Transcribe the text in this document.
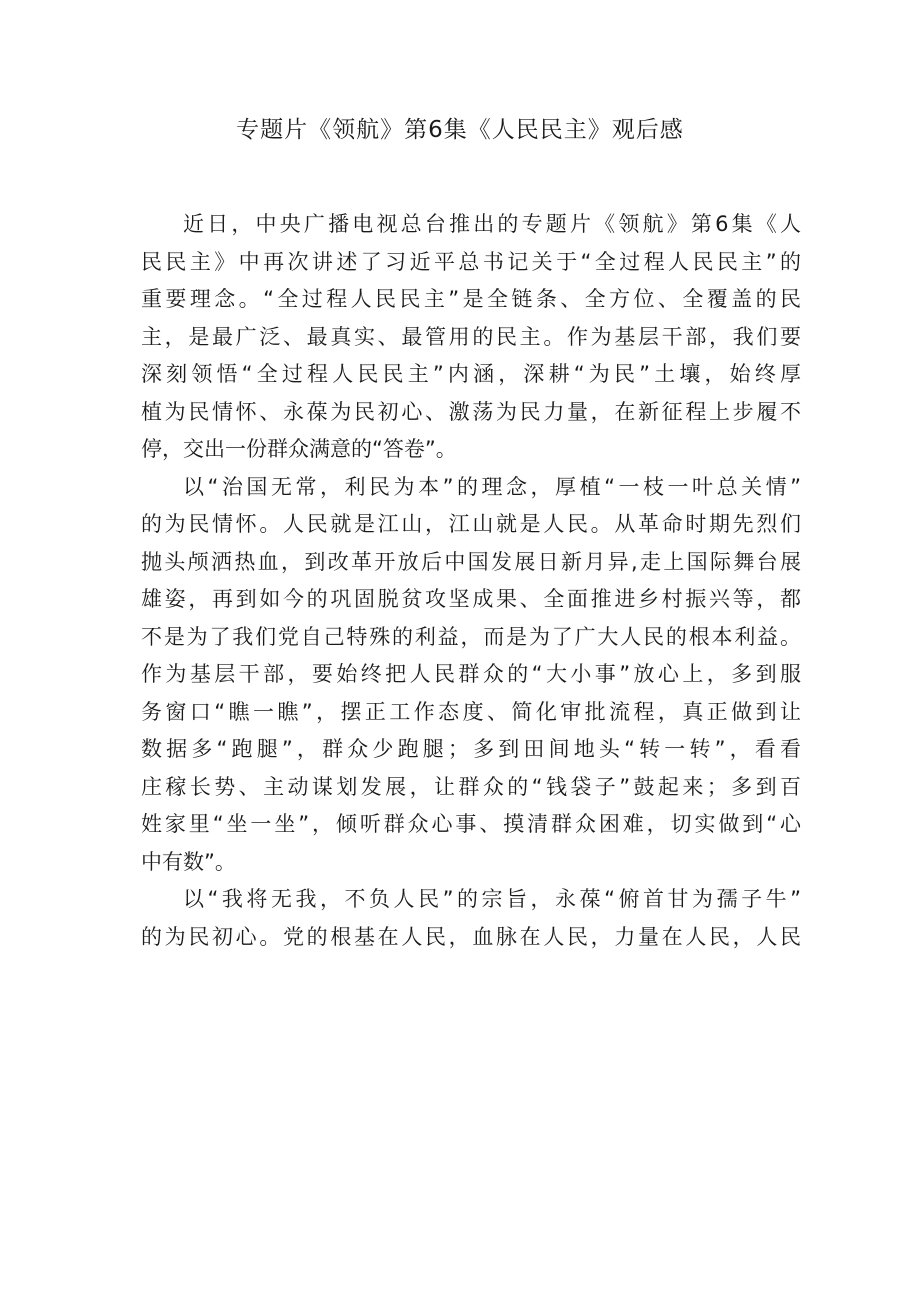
专题片《领航》第6集《人民民主》观后感
近日，中央广播电视总台推出的专题片《领航》第6集《人
民民主》中再次讲述了习近平总书记关于“全过程人民民主”的
重要理念。“全过程人民民主”是全链条、全方位、全覆盖的民
主，是最广泛、最真实、最管用的民主。作为基层干部，我们要
深刻领悟“全过程人民民主”内涵，深耕“为民”土壤，始终厚
植为民情怀、永葆为民初心、激荡为民力量，在新征程上步履不
停，交出一份群众满意的“答卷”。
以“治国无常，利民为本”的理念，厚植“一枝一叶总关情”
的为民情怀。人民就是江山，江山就是人民。从革命时期先烈们
抛头颅洒热血，到改革开放后中国发展日新月异,走上国际舞台展
雄姿，再到如今的巩固脱贫攻坚成果、全面推进乡村振兴等，都
不是为了我们党自己特殊的利益，而是为了广大人民的根本利益。
作为基层干部，要始终把人民群众的“大小事”放心上，多到服
务窗口“瞧一瞧”，摆正工作态度、简化审批流程，真正做到让
数据多“跑腿”，群众少跑腿；多到田间地头“转一转”，看看
庄稼长势、主动谋划发展，让群众的“钱袋子”鼓起来；多到百
姓家里“坐一坐”，倾听群众心事、摸清群众困难，切实做到“心
中有数”。
以“我将无我，不负人民”的宗旨，永葆“俯首甘为孺子牛”
的为民初心。党的根基在人民，血脉在人民，力量在人民，人民
